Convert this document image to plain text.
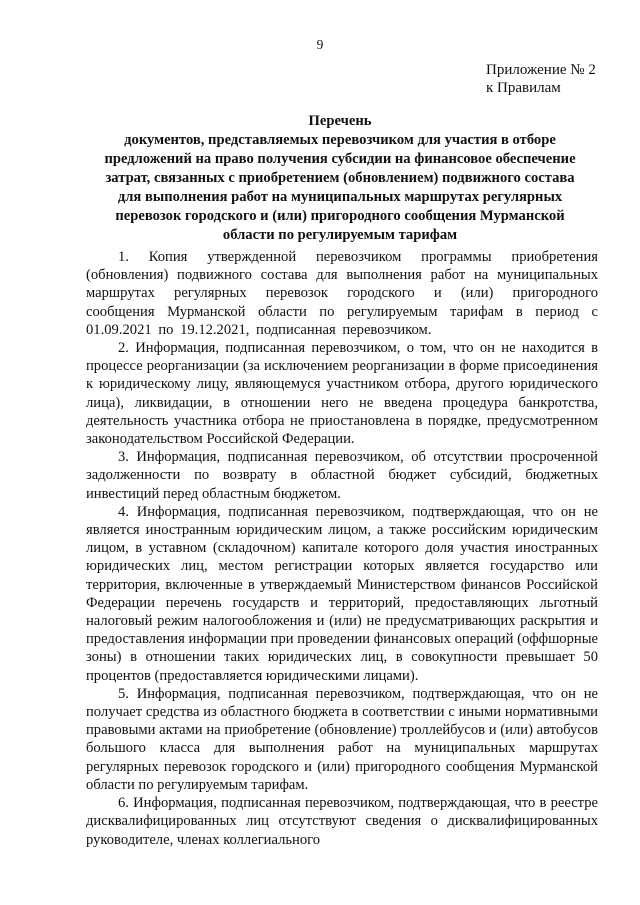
9
Приложение № 2
к Правилам
Перечень
документов, представляемых перевозчиком для участия в отборе
предложений на право получения субсидии на финансовое обеспечение
затрат, связанных с приобретением (обновлением) подвижного состава
для выполнения работ на муниципальных маршрутах регулярных
перевозок городского и (или) пригородного сообщения Мурманской
области по регулируемым тарифам

1. Копия утвержденной перевозчиком программы приобретения (обновления) подвижного состава для выполнения работ на муниципальных маршрутах регулярных перевозок городского и (или) пригородного сообщения Мурманской области по регулируемым тарифам в период с 01.09.2021 по 19.12.2021, подписанная перевозчиком.

2. Информация, подписанная перевозчиком, о том, что он не находится в процессе реорганизации (за исключением реорганизации в форме присоединения к юридическому лицу, являющемуся участником отбора, другого юридического лица), ликвидации, в отношении него не введена процедура банкротства, деятельность участника отбора не приостановлена в порядке, предусмотренном законодательством Российской Федерации.

3. Информация, подписанная перевозчиком, об отсутствии просроченной задолженности по возврату в областной бюджет субсидий, бюджетных инвестиций перед областным бюджетом.

4. Информация, подписанная перевозчиком, подтверждающая, что он не является иностранным юридическим лицом, а также российским юридическим лицом, в уставном (складочном) капитале которого доля участия иностранных юридических лиц, местом регистрации которых является государство или территория, включенные в утверждаемый Министерством финансов Российской Федерации перечень государств и территорий, предоставляющих льготный налоговый режим налогообложения и (или) не предусматривающих раскрытия и предоставления информации при проведении финансовых операций (оффшорные зоны) в отношении таких юридических лиц, в совокупности превышает 50 процентов (предоставляется юридическими лицами).

5. Информация, подписанная перевозчиком, подтверждающая, что он не получает средства из областного бюджета в соответствии с иными нормативными правовыми актами на приобретение (обновление) троллейбусов и (или) автобусов большого класса для выполнения работ на муниципальных маршрутах регулярных перевозок городского и (или) пригородного сообщения Мурманской области по регулируемым тарифам.

6. Информация, подписанная перевозчиком, подтверждающая, что в реестре дисквалифицированных лиц отсутствуют сведения о дисквалифицированных руководителе, членах коллегиального
